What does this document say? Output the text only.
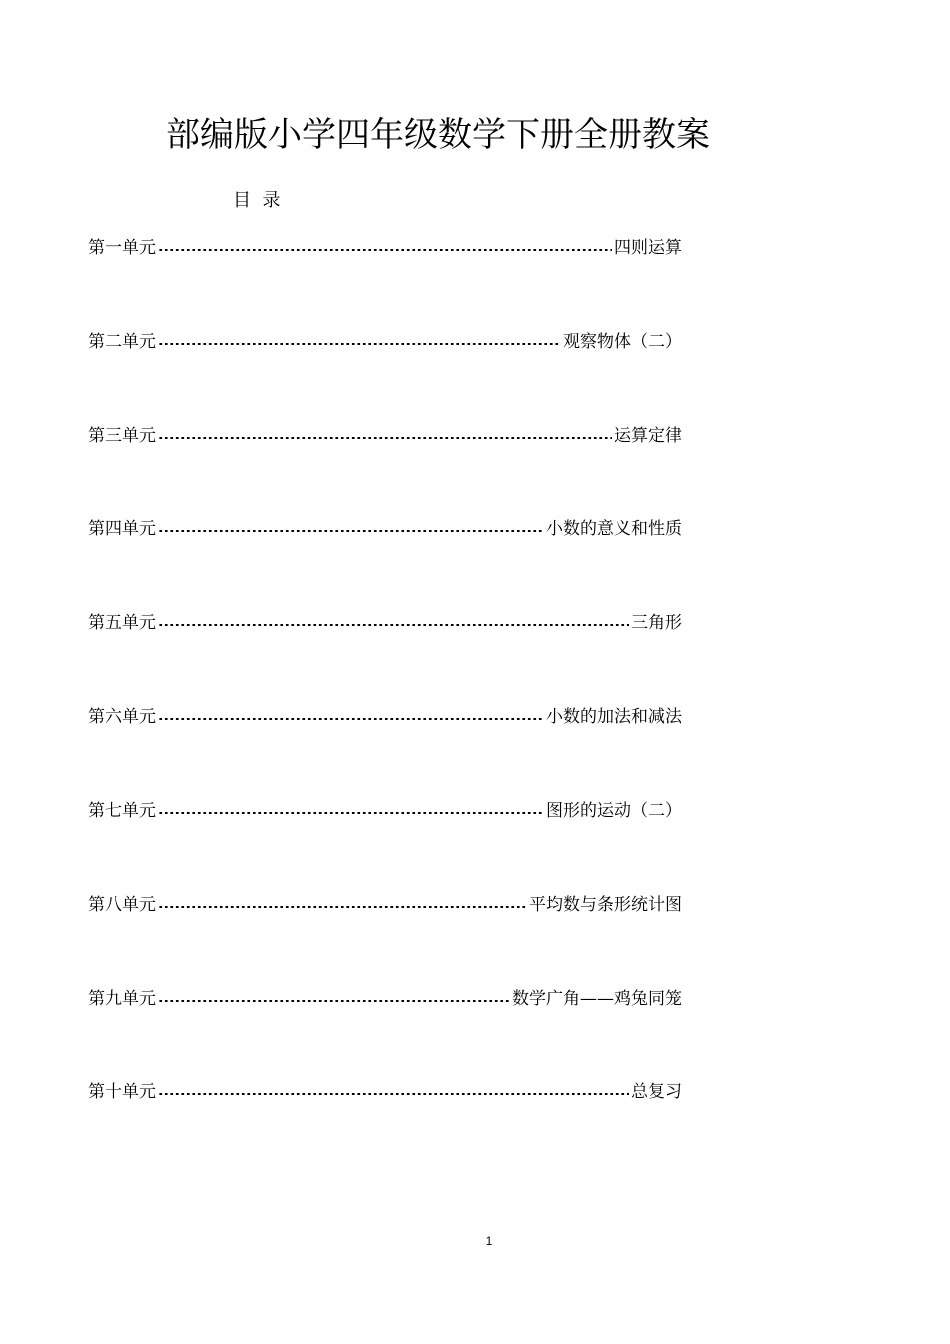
部编版小学四年级数学下册全册教案
目  录
第一单元	四则运算
第二单元	观察物体（二）
第三单元	运算定律
第四单元	小数的意义和性质
第五单元	三角形
第六单元	小数的加法和减法
第七单元	图形的运动（二）
第八单元	平均数与条形统计图
第九单元	数学广角——鸡兔同笼
第十单元	总复习
1
